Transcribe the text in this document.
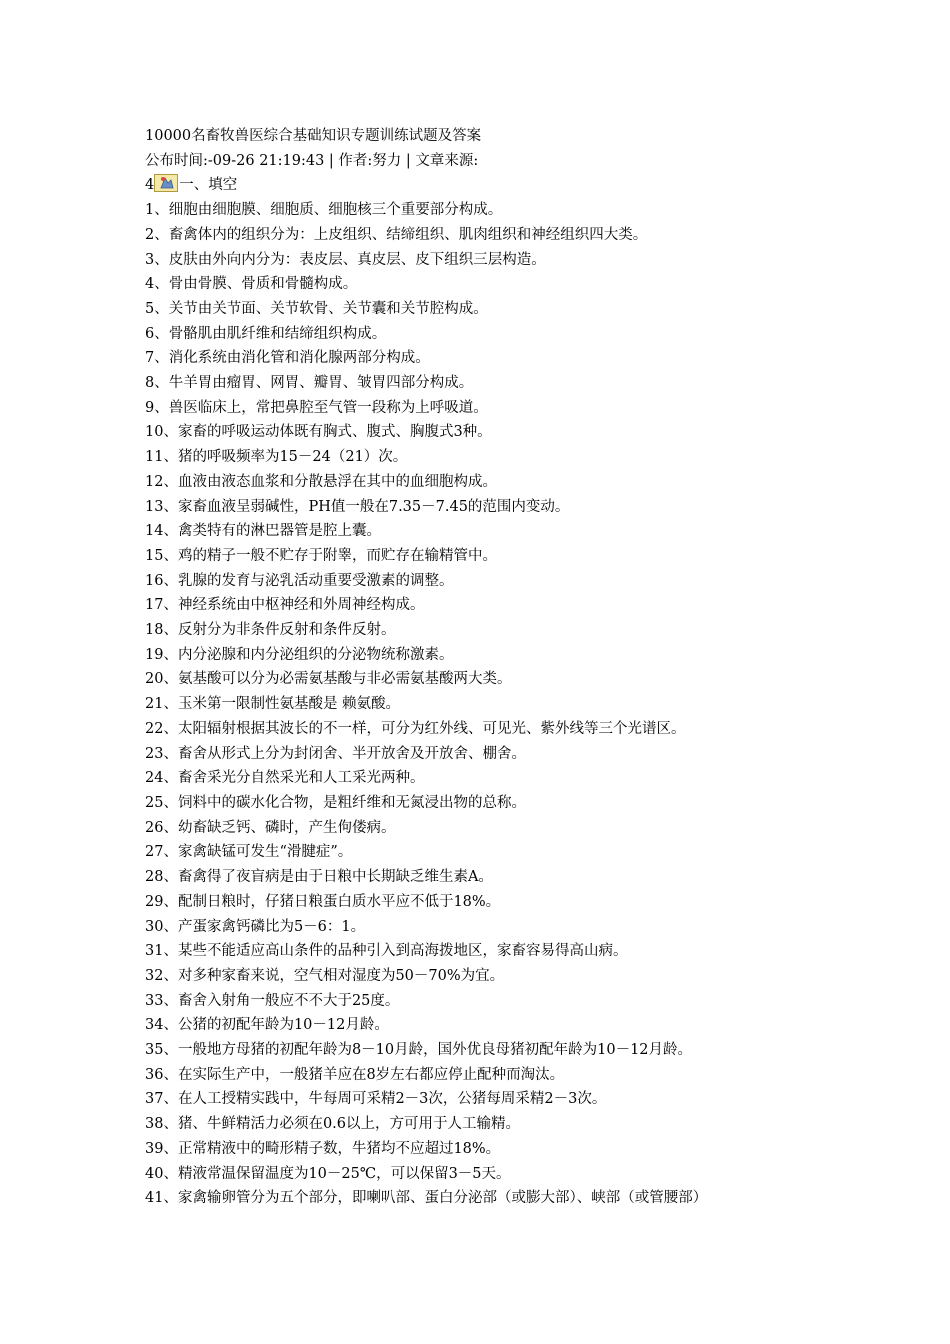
10000名畜牧兽医综合基础知识专题训练试题及答案
公布时间:-09-26 21:19:43 | 作者:努力 | 文章来源:
4 一、填空
1、细胞由细胞膜、细胞质、细胞核三个重要部分构成。
2、畜禽体内的组织分为：上皮组织、结缔组织、肌肉组织和神经组织四大类。
3、皮肤由外向内分为：表皮层、真皮层、皮下组织三层构造。
4、骨由骨膜、骨质和骨髓构成。
5、关节由关节面、关节软骨、关节囊和关节腔构成。
6、骨骼肌由肌纤维和结缔组织构成。
7、消化系统由消化管和消化腺两部分构成。
8、牛羊胃由瘤胃、网胃、瓣胃、皱胃四部分构成。
9、兽医临床上，常把鼻腔至气管一段称为上呼吸道。
10、家畜的呼吸运动体既有胸式、腹式、胸腹式3种。
11、猪的呼吸频率为15－24（21）次。
12、血液由液态血浆和分散悬浮在其中的血细胞构成。
13、家畜血液呈弱碱性，PH值一般在7.35－7.45的范围内变动。
14、禽类特有的淋巴器管是腔上囊。
15、鸡的精子一般不贮存于附睾，而贮存在输精管中。
16、乳腺的发育与泌乳活动重要受激素的调整。
17、神经系统由中枢神经和外周神经构成。
18、反射分为非条件反射和条件反射。
19、内分泌腺和内分泌组织的分泌物统称激素。
20、氨基酸可以分为必需氨基酸与非必需氨基酸两大类。
21、玉米第一限制性氨基酸是 赖氨酸。
22、太阳辐射根据其波长的不一样，可分为红外线、可见光、紫外线等三个光谱区。
23、畜舍从形式上分为封闭舍、半开放舍及开放舍、棚舍。
24、畜舍采光分自然采光和人工采光两种。
25、饲料中的碳水化合物，是粗纤维和无氮浸出物的总称。
26、幼畜缺乏钙、磷时，产生佝偻病。
27、家禽缺锰可发生“滑腱症”。
28、畜禽得了夜盲病是由于日粮中长期缺乏维生素A。
29、配制日粮时，仔猪日粮蛋白质水平应不低于18%。
30、产蛋家禽钙磷比为5－6：1。
31、某些不能适应高山条件的品种引入到高海拨地区，家畜容易得高山病。
32、对多种家畜来说，空气相对湿度为50－70%为宜。
33、畜舍入射角一般应不不大于25度。
34、公猪的初配年龄为10－12月龄。
35、一般地方母猪的初配年龄为8－10月龄，国外优良母猪初配年龄为10－12月龄。
36、在实际生产中，一般猪羊应在8岁左右都应停止配种而淘汰。
37、在人工授精实践中，牛每周可采精2－3次，公猪每周采精2－3次。
38、猪、牛鲜精活力必须在0.6以上，方可用于人工输精。
39、正常精液中的畸形精子数，牛猪均不应超过18%。
40、精液常温保留温度为10－25℃，可以保留3－5天。
41、家禽输卵管分为五个部分，即喇叭部、蛋白分泌部（或膨大部）、峡部（或管腰部）
